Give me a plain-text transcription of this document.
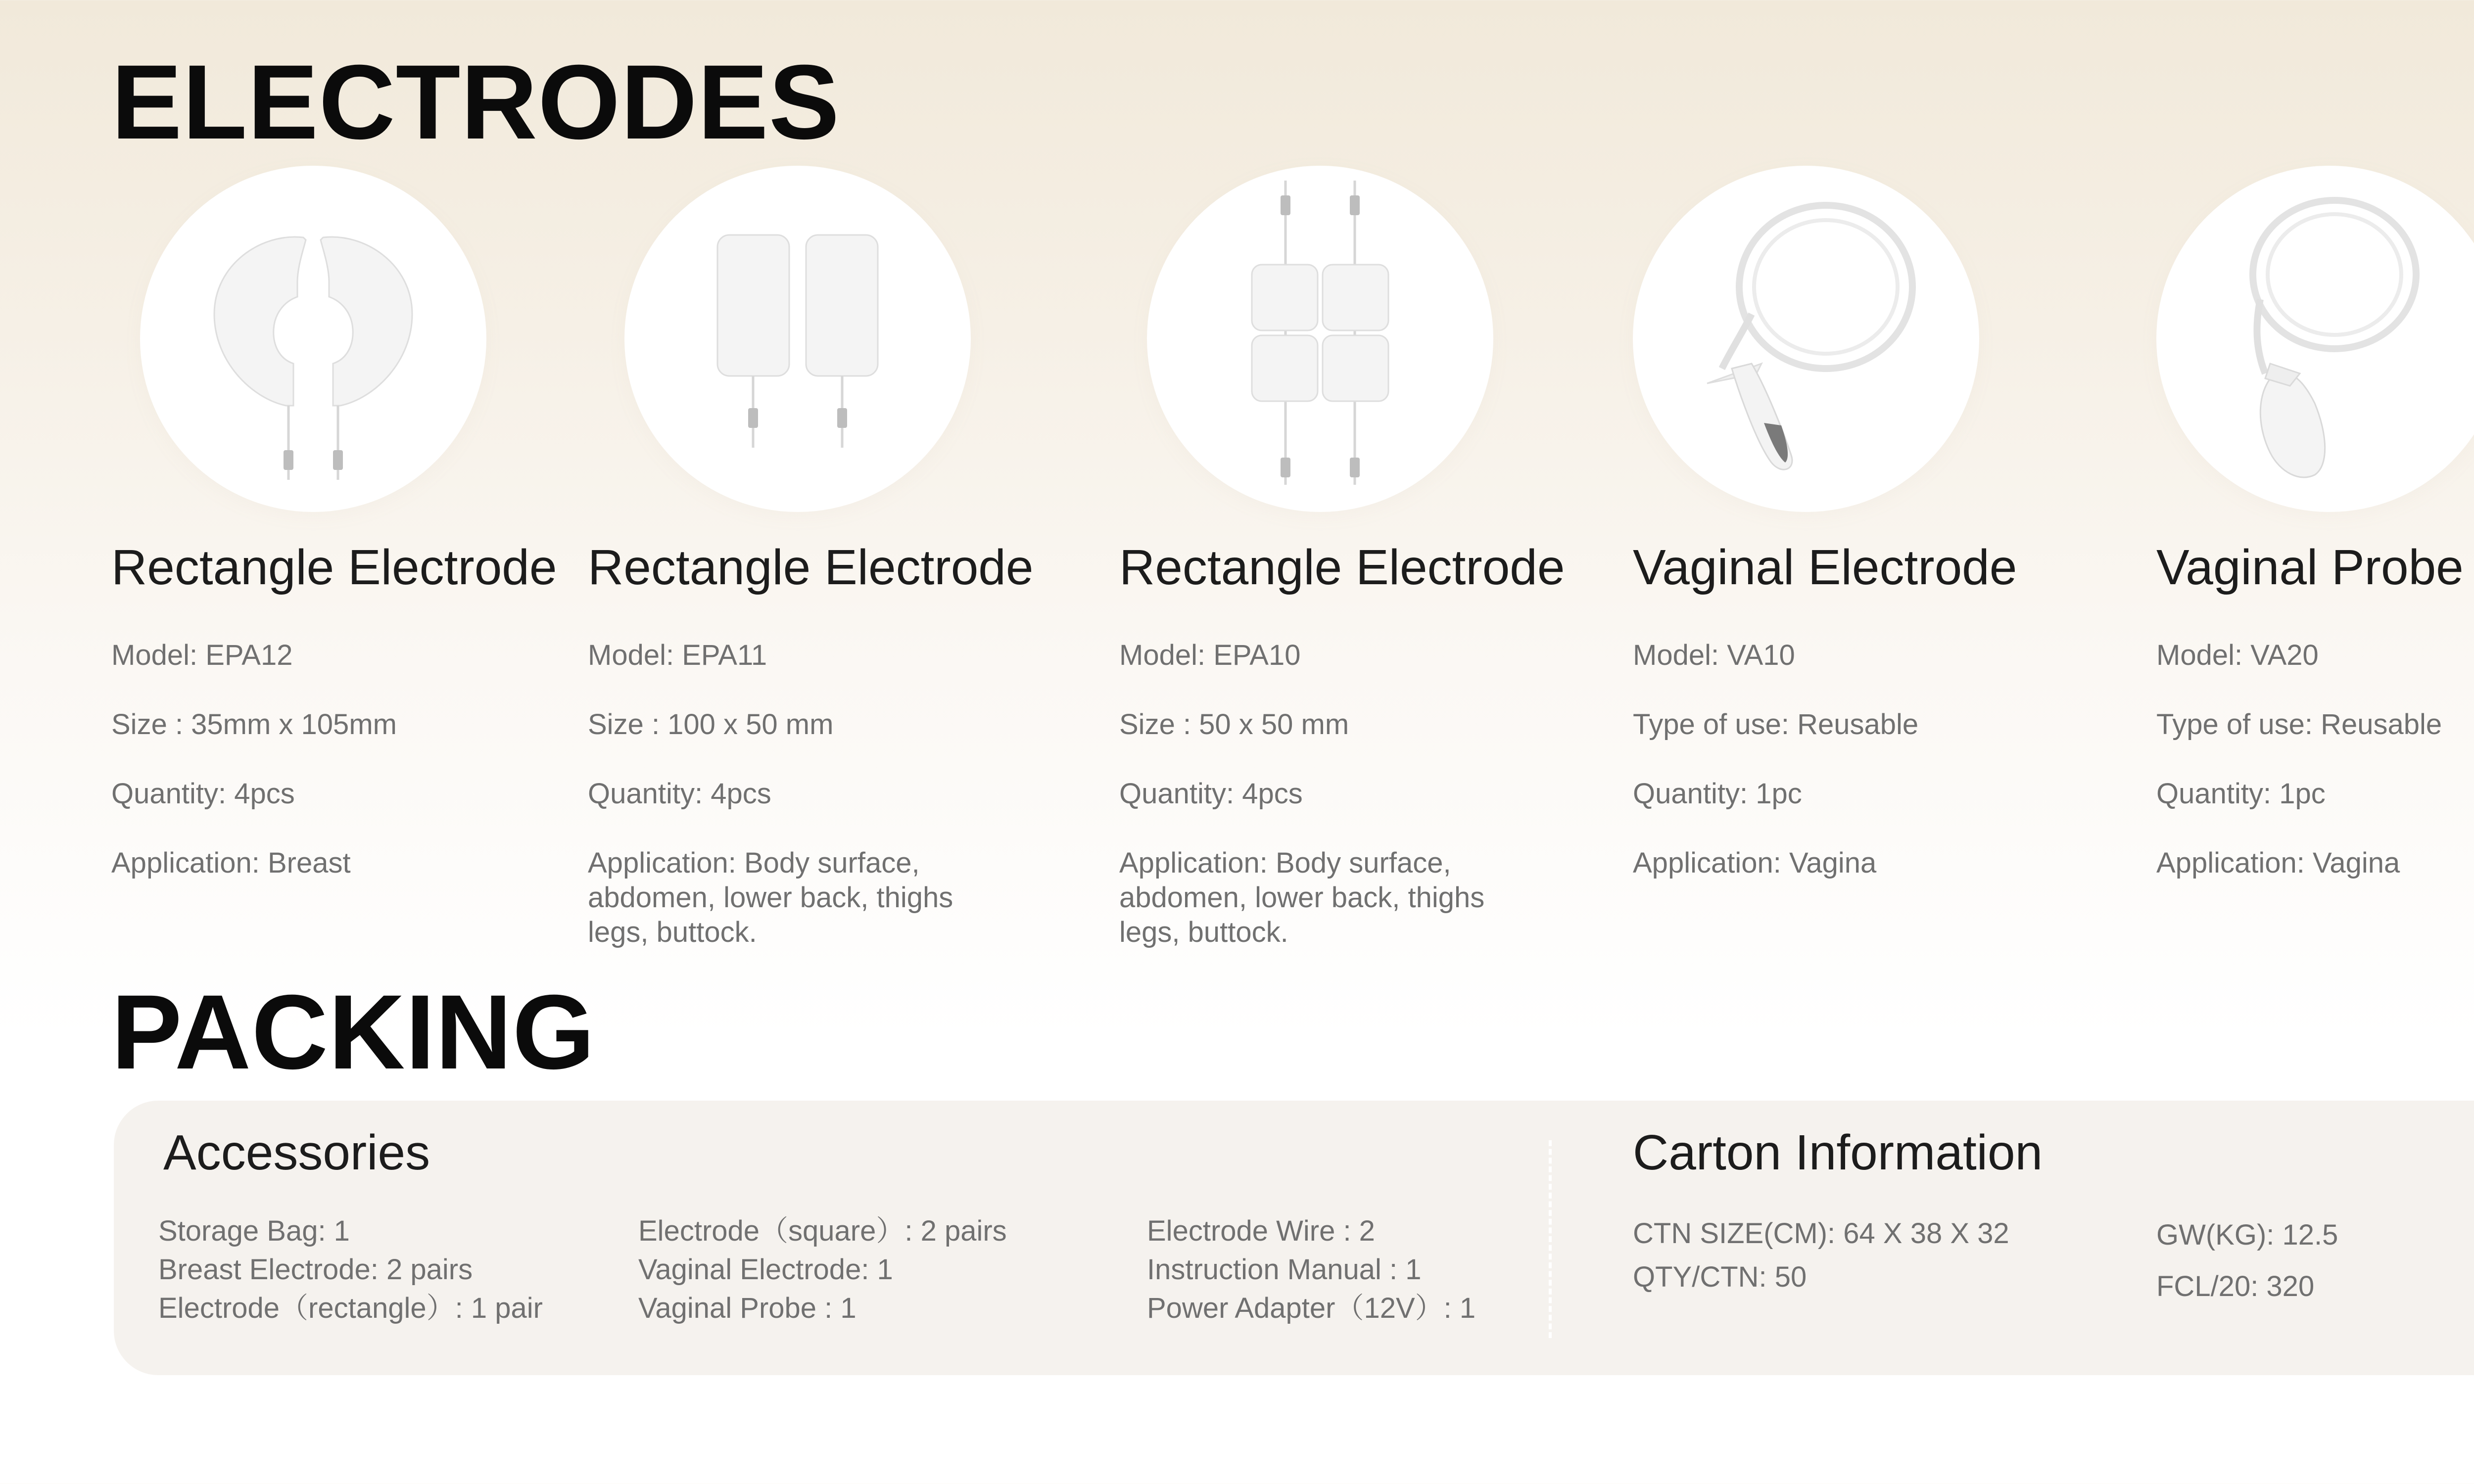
ELECTRODES
Rectangle Electrode
Model: EPA12
Size : 35mm x 105mm
Quantity: 4pcs
Application: Breast
Rectangle Electrode
Model: EPA11
Size : 100 x 50 mm
Quantity: 4pcs
Application: Body surface, abdomen, lower back, thighs legs, buttock.
Rectangle Electrode
Model: EPA10
Size : 50 x 50 mm
Quantity: 4pcs
Application: Body surface, abdomen, lower back, thighs legs, buttock.
Vaginal Electrode
Model: VA10
Type of use: Reusable
Quantity: 1pc
Application: Vagina
Vaginal Probe
Model: VA20
Type of use: Reusable
Quantity: 1pc
Application: Vagina
PACKING
Accessories
Storage Bag: 1
Breast Electrode: 2 pairs
Electrode（rectangle）: 1 pair
Electrode（square）: 2 pairs
Vaginal Electrode: 1
Vaginal Probe : 1
Electrode Wire : 2
Instruction Manual : 1
Power Adapter（12V）: 1
Carton Information
CTN SIZE(CM): 64 X 38 X 32
QTY/CTN: 50
GW(KG): 12.5
FCL/20: 320
